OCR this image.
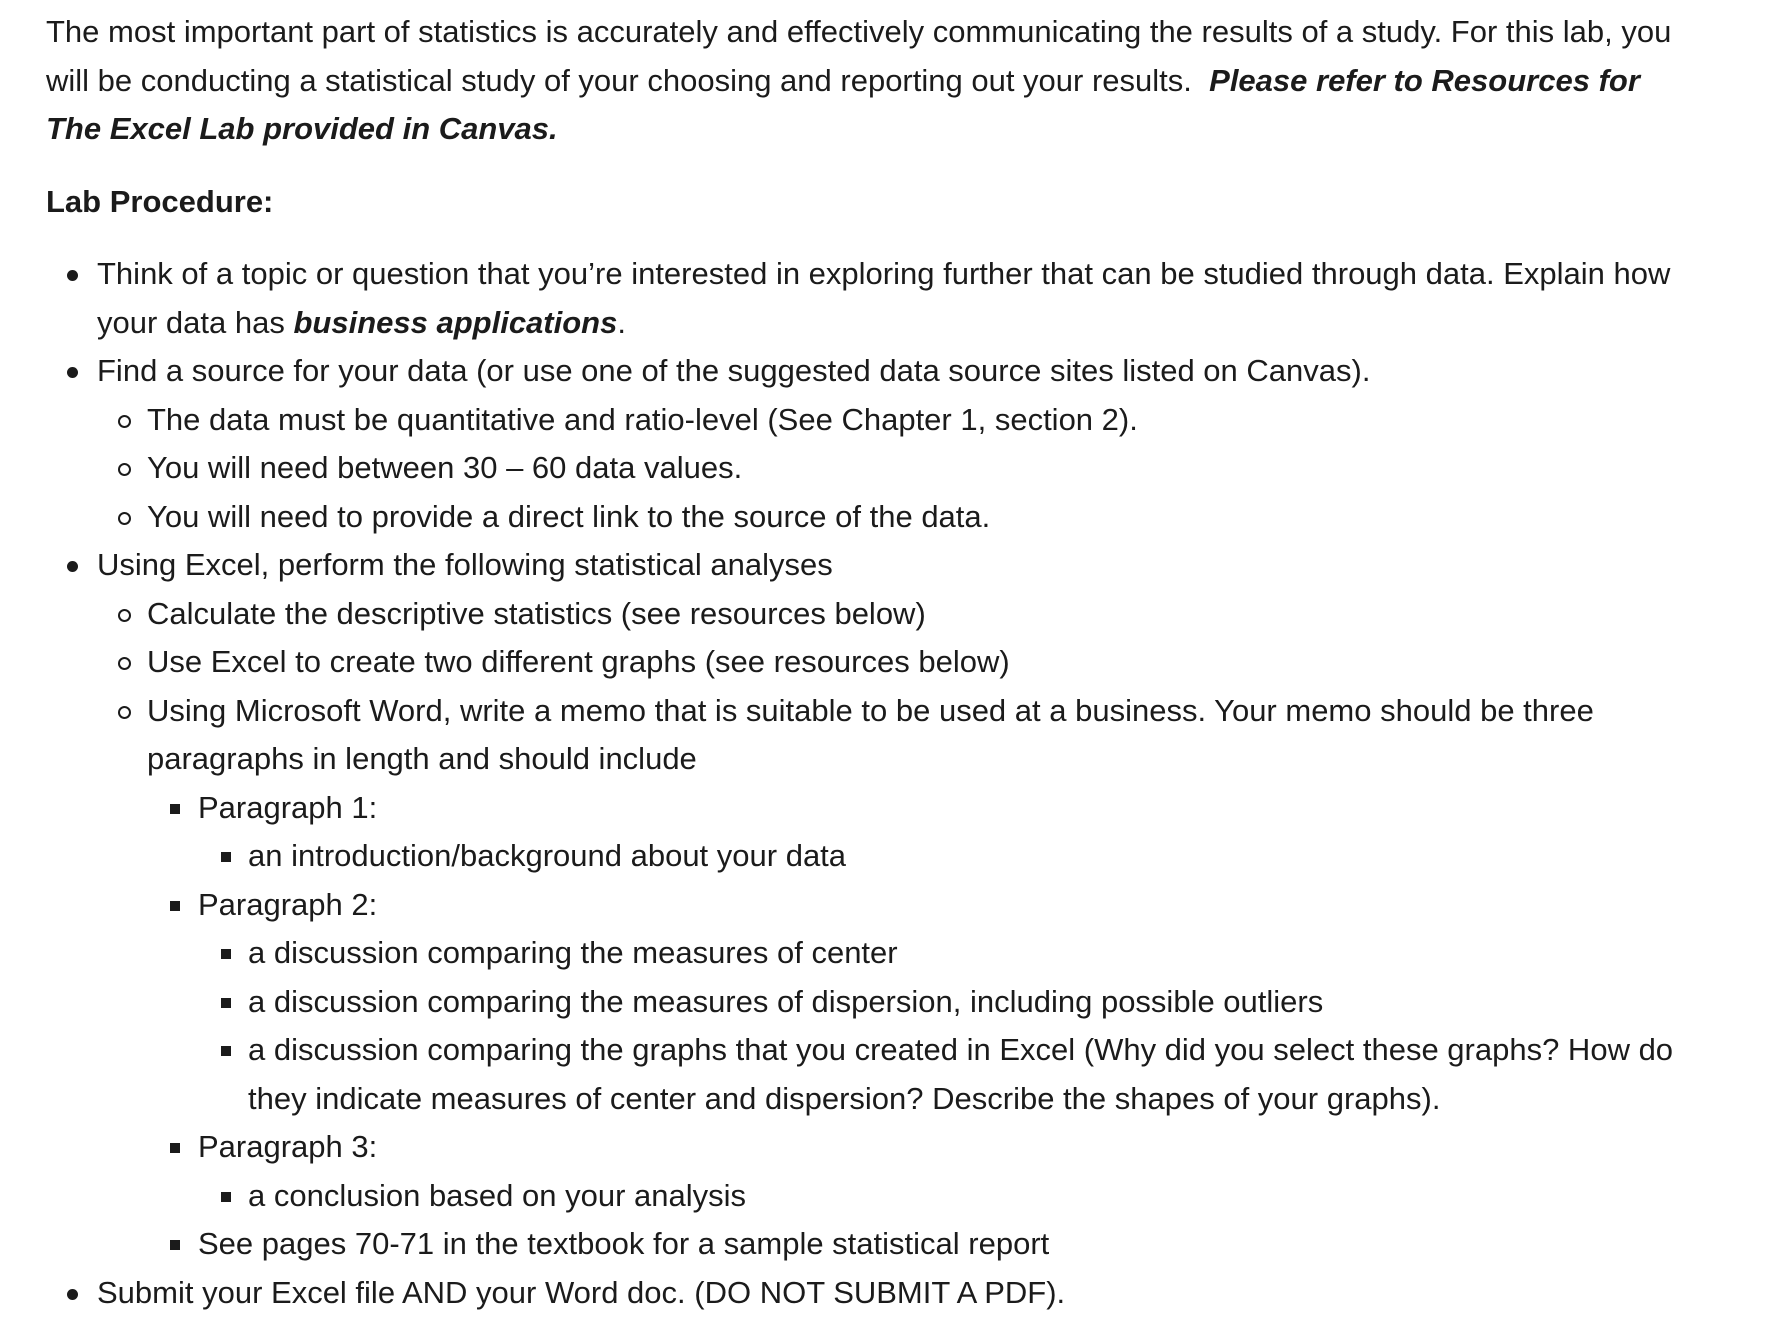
The most important part of statistics is accurately and effectively communicating the results of a study. For this lab, you will be conducting a statistical study of your choosing and reporting out your results. Please refer to Resources for The Excel Lab provided in Canvas.

Lab Procedure:
Think of a topic or question that you’re interested in exploring further that can be studied through data. Explain how your data has business applications.
Find a source for your data (or use one of the suggested data source sites listed on Canvas).
The data must be quantitative and ratio-level (See Chapter 1, section 2).
You will need between 30 – 60 data values.
You will need to provide a direct link to the source of the data.
Using Excel, perform the following statistical analyses
Calculate the descriptive statistics (see resources below)
Use Excel to create two different graphs (see resources below)
Using Microsoft Word, write a memo that is suitable to be used at a business. Your memo should be three paragraphs in length and should include
Paragraph 1:
an introduction/background about your data
Paragraph 2:
a discussion comparing the measures of center
a discussion comparing the measures of dispersion, including possible outliers
a discussion comparing the graphs that you created in Excel (Why did you select these graphs? How do they indicate measures of center and dispersion? Describe the shapes of your graphs).
Paragraph 3:
a conclusion based on your analysis
See pages 70-71 in the textbook for a sample statistical report
Submit your Excel file AND your Word doc. (DO NOT SUBMIT A PDF).
